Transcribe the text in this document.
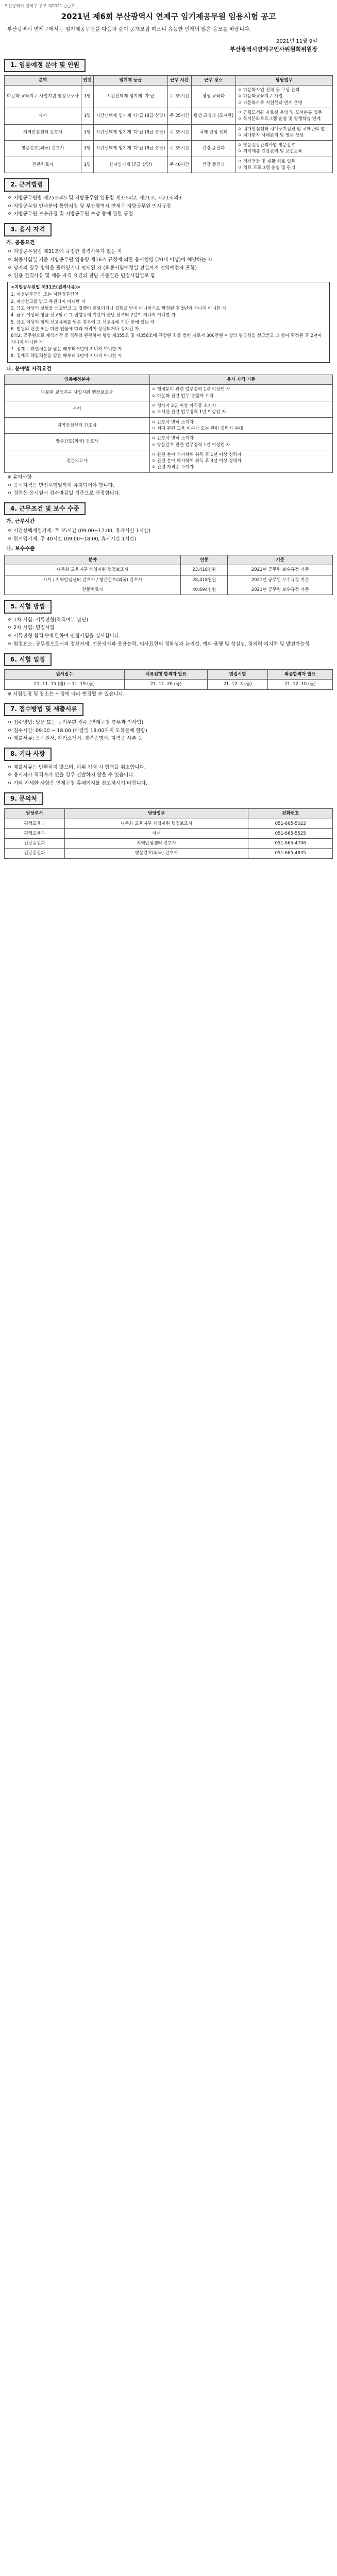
부산광역시 연제구 공고 제2021-○○호
2021년 제6회 부산광역시 연제구 임기제공무원 임용시험 공고
부산광역시 연제구에서는 임기제공무원을 다음과 같이 공개모집 하오니 유능한 인재의 많은 응모를 바랍니다.
2021년 11월 9일
부산광역시연제구인사위원회위원장
1. 임용예정 분야 및 인원
분야	인원	임기제 등급	근무 시간	근무 장소	담당업무
다문화 교육지구 사업지원 행정보조사	1명	시간선택제 임기제 '가'급	주 35시간	평생 교육과	ㅇ 다문화사업 전력 등 구성 관리
ㅇ 다문화교육지구 사업
ㅇ 다문화가족 지원센터 연계 운영
사서	1명	시간선택제 임기제 '다'급 (8급 상당)	주 35시간	평생 교육과 (도서관)	ㅇ 공립도서관 자료실 운영 및 도서분류 업무
ㅇ 독서문화프로그램 운영 및 평생학습 연계
지역안심센터 간호사	1명	시간선택제 임기제 '다'급 (8급 상당)	주 35시간	치매 안심 센터	ㅇ 치매안심센터 치매조기검진 및 치매관리 업무
ㅇ 치매환자 사례관리 및 방문 상담
방문간호(외국) 간호사	1명	시간선택제 임기제 '다'급 (8급 상당)	주 35시간	건강 증진과	ㅇ 방문건강관리사업 방문간호
ㅇ 취약계층 건강관리 및 보건교육
전문치료사	1명	한시임기제 (7급 상당)	주 40시간	건강 증진과	ㅇ 정신건강 및 재활 치료 업무
ㅇ 치료 프로그램 운영 및 관리
2. 근거법령

ㅇ 지방공무원법 제25조의5 및 지방공무원 임용령 제3조의2, 제21조, 제21조의3

ㅇ 지방공무원 인사분야 통합지침 및 부산광역시 연제구 지방공무원 인사규정

ㅇ 지방공무원 보수규정 및 지방공무원 수당 등에 관한 규정

3. 응시 자격
가. 공통요건

ㅇ 지방공무원법 제31조에 규정한 결격사유가 없는 자

ㅇ 최종시험일 기준 지방공무원 임용령 제16조 규정에 의한 응시연령 (20세 이상)에 해당하는 자

ㅇ 남자의 경우 병역을 필하였거나 면제된 자 (최종시험예정일 전일까지 전역예정자 포함)

ㅇ 임용 결격사유 및 채용 자격 요건의 판단 기준일은 면접시험일로 함

<지방공무원법 제31조(결격사유)>
1. 피성년후견인 또는 피한정후견인
2. 파산선고를 받고 복권되지 아니한 자
3. 금고 이상의 실형을 선고받고 그 집행이 종료되거나 집행을 받지 아니하기로 확정된 후 5년이 지나지 아니한 자
4. 금고 이상의 형을 선고받고 그 집행유예 기간이 끝난 날부터 2년이 지나지 아니한 자
5. 금고 이상의 형의 선고유예를 받은 경우에 그 선고유예 기간 중에 있는 자
6. 법원의 판결 또는 다른 법률에 따라 자격이 상실되거나 정지된 자
6의2. 공무원으로 재직기간 중 직무와 관련하여 형법 제355조 및 제356조에 규정된 죄를 범한 자로서 300만원 이상의 벌금형을 선고받고 그 형이 확정된 후 2년이 지나지 아니한 자
7. 징계로 파면처분을 받은 때부터 5년이 지나지 아니한 자
8. 징계로 해임처분을 받은 때부터 3년이 지나지 아니한 자
나. 분야별 자격요건
임용예정분야	응시 자격 기준
다문화 교육지구 사업지원 행정보조사	ㅇ 행정분야 관련 업무경력 1년 이상인 자
ㅇ 다문화 관련 업무 경험자 우대
사서	ㅇ 정사서 2급 이상 자격증 소지자
ㅇ 도서관 관련 업무경력 1년 이상인 자
지역안심센터 간호사	ㅇ 간호사 면허 소지자
ㅇ 치매 관련 교육 이수자 또는 관련 경력자 우대
방문간호(외국) 간호사	ㅇ 간호사 면허 소지자
ㅇ 방문간호 관련 업무경력 1년 이상인 자
전문치료사	ㅇ 관련 분야 석사학위 취득 후 1년 이상 경력자
ㅇ 관련 분야 학사학위 취득 후 3년 이상 경력자
ㅇ 관련 자격증 소지자

※ 유의사항

ㅇ 응시자격은 면접시험일까지 유지되어야 합니다.

ㅇ 경력은 응시원서 접수마감일 기준으로 산정합니다.

4. 근무조건 및 보수 수준
가. 근무시간

ㅇ 시간선택제임기제: 주 35시간 (09:00~17:00, 휴게시간 1시간)

ㅇ 한시임기제: 주 40시간 (09:00~18:00, 휴게시간 1시간)

나. 보수수준
분야	연봉	기준
다문화 교육지구 사업지원 행정보조사	23,418천원	2021년 공무원 보수규정 기준
사서 / 지역안심센터 간호사 / 방문간호(외국) 간호사	28,418천원	2021년 공무원 보수규정 기준
전문치료사	40,694천원	2021년 공무원 보수규정 기준
5. 시험 방법

ㅇ 1차 시험: 서류전형(적격여부 판단)

ㅇ 2차 시험: 면접시험

ㅇ 서류전형 합격자에 한하여 면접시험을 실시합니다.

ㅇ 평정요소: 공무원으로서의 정신자세, 전문지식과 응용능력, 의사표현의 정확성과 논리성, 예의·품행 및 성실성, 창의력·의지력 및 발전가능성

6. 시험 일정
원서접수	서류전형 합격자 발표	면접시험	최종합격자 발표
21. 11. 15.(월) ~ 11. 19.(금)	21. 11. 26.(금)	21. 12. 3.(금)	21. 12. 10.(금)

※ 시험일정 및 장소는 사정에 따라 변경될 수 있습니다.

7. 접수방법 및 제출서류

ㅇ 접수방법: 방문 또는 등기우편 접수 (연제구청 총무과 인사팀)

ㅇ 접수시간: 09:00 ~ 18:00 (마감일 18:00까지 도착분에 한함)

ㅇ 제출서류: 응시원서, 자기소개서, 경력증명서, 자격증 사본 등

8. 기타 사항

ㅇ 제출서류는 반환하지 않으며, 허위 기재 시 합격을 취소합니다.

ㅇ 응시자가 적격자가 없을 경우 선발하지 않을 수 있습니다.

ㅇ 기타 자세한 사항은 연제구청 홈페이지를 참고하시기 바랍니다.

9. 문의처
담당부서	담당업무	전화번호
평생교육과	다문화 교육지구 사업지원 행정보조사	051-665-5022
평생교육과	사서	051-665-5525
건강증진과	지역안심센터 간호사	051-665-4706
건강증진과	방문간호(외국) 간호사	051-665-4835
